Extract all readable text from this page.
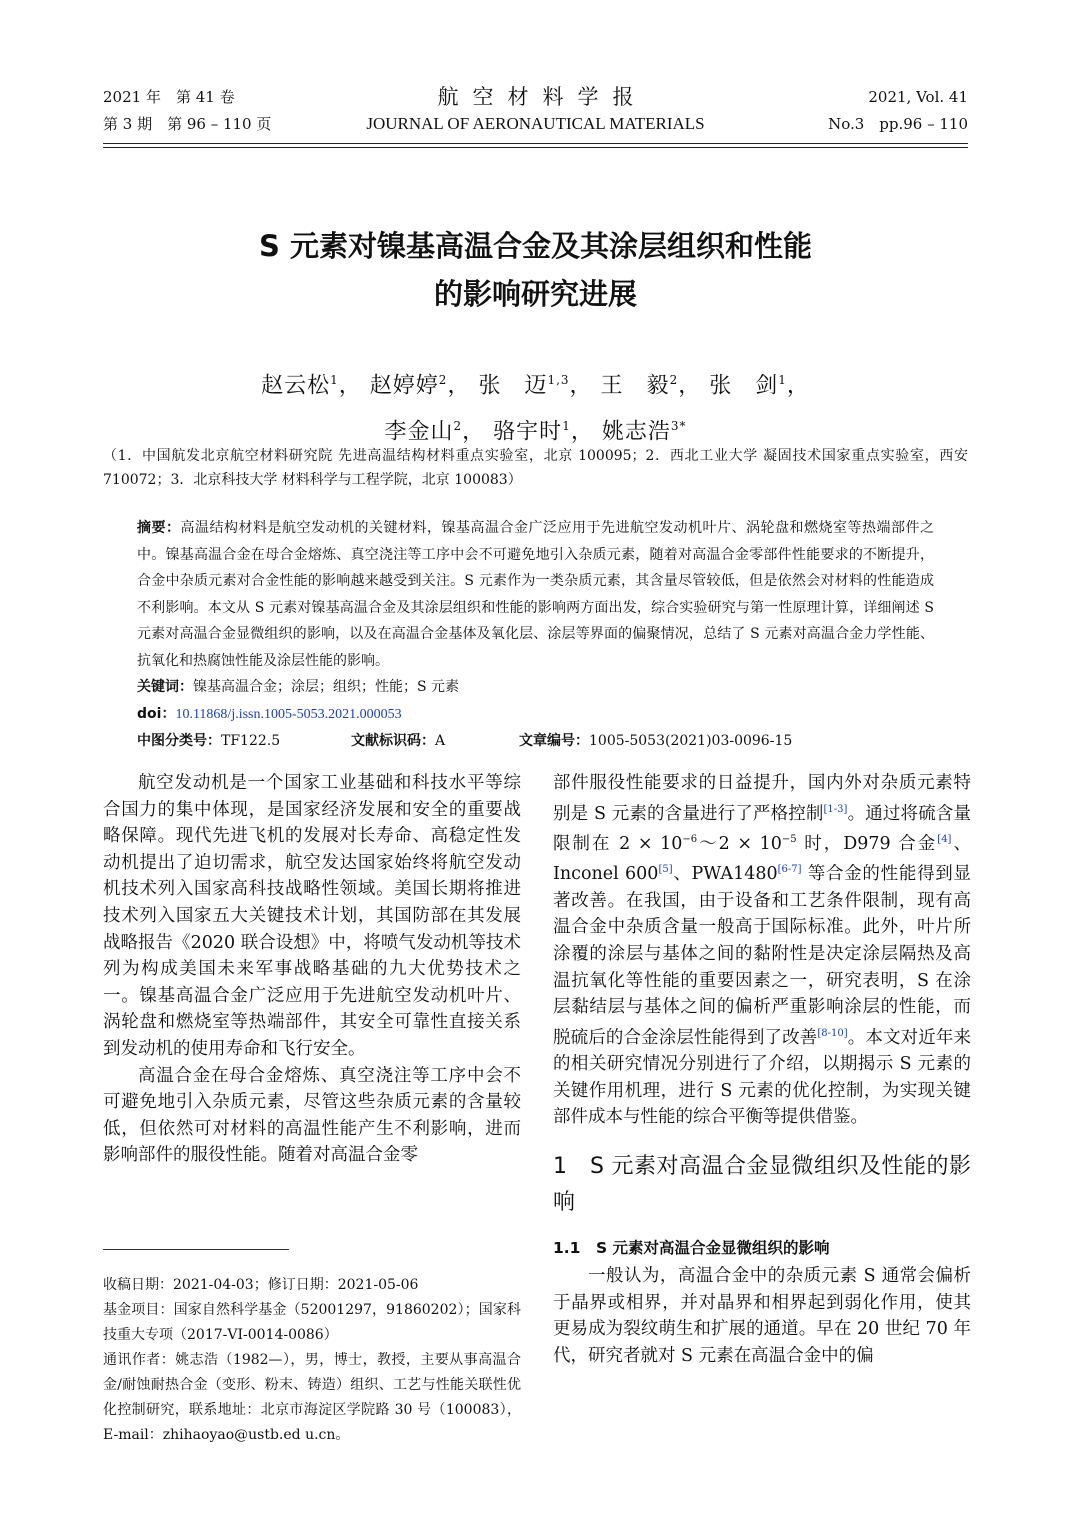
2021 年　第 41 卷
第 3 期　第 96 – 110 页
航空材料学报
JOURNAL OF AERONAUTICAL MATERIALS
2021, Vol. 41
No.3　pp.96 – 110
S 元素对镍基高温合金及其涂层组织和性能
的影响研究进展
赵云松$^1$， 赵婷婷$^2$， 张　迈$^{1,3}$， 王　毅$^2$， 张　剑$^1$，
李金山$^2$， 骆宇时$^1$， 姚志浩$^{3*}$
（1．中国航发北京航空材料研究院 先进高温结构材料重点实验室，北京 100095；2．西北工业大学 凝固技术国家重点实验室，西安 710072；3．北京科技大学 材料科学与工程学院，北京 100083）
摘要：高温结构材料是航空发动机的关键材料，镍基高温合金广泛应用于先进航空发动机叶片、涡轮盘和燃烧室等热端部件之中。镍基高温合金在母合金熔炼、真空浇注等工序中会不可避免地引入杂质元素，随着对高温合金零部件性能要求的不断提升，合金中杂质元素对合金性能的影响越来越受到关注。S 元素作为一类杂质元素，其含量尽管较低，但是依然会对材料的性能造成不利影响。本文从 S 元素对镍基高温合金及其涂层组织和性能的影响两方面出发，综合实验研究与第一性原理计算，详细阐述 S 元素对高温合金显微组织的影响，以及在高温合金基体及氧化层、涂层等界面的偏聚情况，总结了 S 元素对高温合金力学性能、抗氧化和热腐蚀性能及涂层性能的影响。
关键词：镍基高温合金；涂层；组织；性能；S 元素
doi：10.11868/j.issn.1005-5053.2021.000053
中图分类号：TF122.5	文献标识码：A	文章编号：1005-5053(2021)03-0096-15

航空发动机是一个国家工业基础和科技水平等综合国力的集中体现，是国家经济发展和安全的重要战略保障。现代先进飞机的发展对长寿命、高稳定性发动机提出了迫切需求，航空发达国家始终将航空发动机技术列入国家高科技战略性领域。美国长期将推进技术列入国家五大关键技术计划，其国防部在其发展战略报告《2020 联合设想》中，将喷气发动机等技术列为构成美国未来军事战略基础的九大优势技术之一。镍基高温合金广泛应用于先进航空发动机叶片、涡轮盘和燃烧室等热端部件，其安全可靠性直接关系到发动机的使用寿命和飞行安全。

高温合金在母合金熔炼、真空浇注等工序中会不可避免地引入杂质元素，尽管这些杂质元素的含量较低，但依然可对材料的高温性能产生不利影响，进而影响部件的服役性能。随着对高温合金零

部件服役性能要求的日益提升，国内外对杂质元素特别是 S 元素的含量进行了严格控制[1-3]。通过将硫含量限制在 $2 \times 10^{-6}\sim 2 \times 10^{-5}$ 时，D979 合金[4]、Inconel 600[5]、PWA1480[6-7] 等合金的性能得到显著改善。在我国，由于设备和工艺条件限制，现有高温合金中杂质含量一般高于国际标准。此外，叶片所涂覆的涂层与基体之间的黏附性是决定涂层隔热及高温抗氧化等性能的重要因素之一，研究表明，S 在涂层黏结层与基体之间的偏析严重影响涂层的性能，而脱硫后的合金涂层性能得到了改善[8-10]。本文对近年来的相关研究情况分别进行了介绍，以期揭示 S 元素的关键作用机理，进行 S 元素的优化控制，为实现关键部件成本与性能的综合平衡等提供借鉴。

1　S 元素对高温合金显微组织及性能的影响
1.1　S 元素对高温合金显微组织的影响

一般认为，高温合金中的杂质元素 S 通常会偏析于晶界或相界，并对晶界和相界起到弱化作用，使其更易成为裂纹萌生和扩展的通道。早在 20 世纪 70 年代，研究者就对 S 元素在高温合金中的偏

收稿日期：2021-04-03；修订日期：2021-05-06
基金项目：国家自然科学基金（52001297，91860202）；国家科技重大专项（2017-VI-0014-0086）
通讯作者：姚志浩（1982—），男，博士，教授，主要从事高温合金/耐蚀耐热合金（变形、粉末、铸造）组织、工艺与性能关联性优化控制研究，联系地址：北京市海淀区学院路 30 号（100083），E-mail：zhihaoyao@ustb.ed u.cn。
